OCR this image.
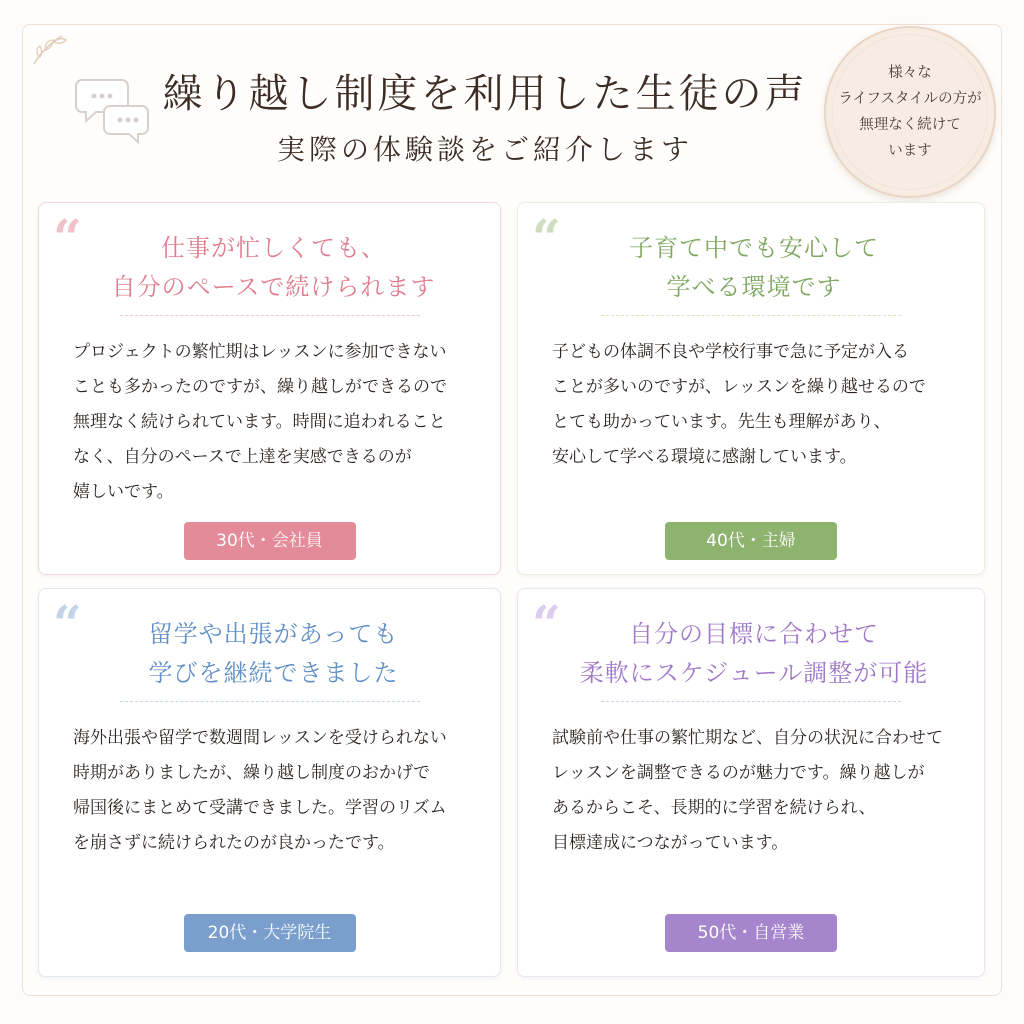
繰り越し制度を利用した生徒の声
実際の体験談をご紹介します
様々な
ライフスタイルの方が
無理なく続けて
います
“	仕事が忙しくても、
自分のペースで続けられます
プロジェクトの繁忙期はレッスンに参加できない
ことも多かったのですが、繰り越しができるので
無理なく続けられています。時間に追われること
なく、自分のペースで上達を実感できるのが
嬉しいです。
30代・会社員
“	子育て中でも安心して
学べる環境です
子どもの体調不良や学校行事で急に予定が入る
ことが多いのですが、レッスンを繰り越せるので
とても助かっています。先生も理解があり、
安心して学べる環境に感謝しています。
40代・主婦
“	留学や出張があっても
学びを継続できました
海外出張や留学で数週間レッスンを受けられない
時期がありましたが、繰り越し制度のおかげで
帰国後にまとめて受講できました。学習のリズム
を崩さずに続けられたのが良かったです。
20代・大学院生
“	自分の目標に合わせて
柔軟にスケジュール調整が可能
試験前や仕事の繁忙期など、自分の状況に合わせて
レッスンを調整できるのが魅力です。繰り越しが
あるからこそ、長期的に学習を続けられ、
目標達成につながっています。
50代・自営業
